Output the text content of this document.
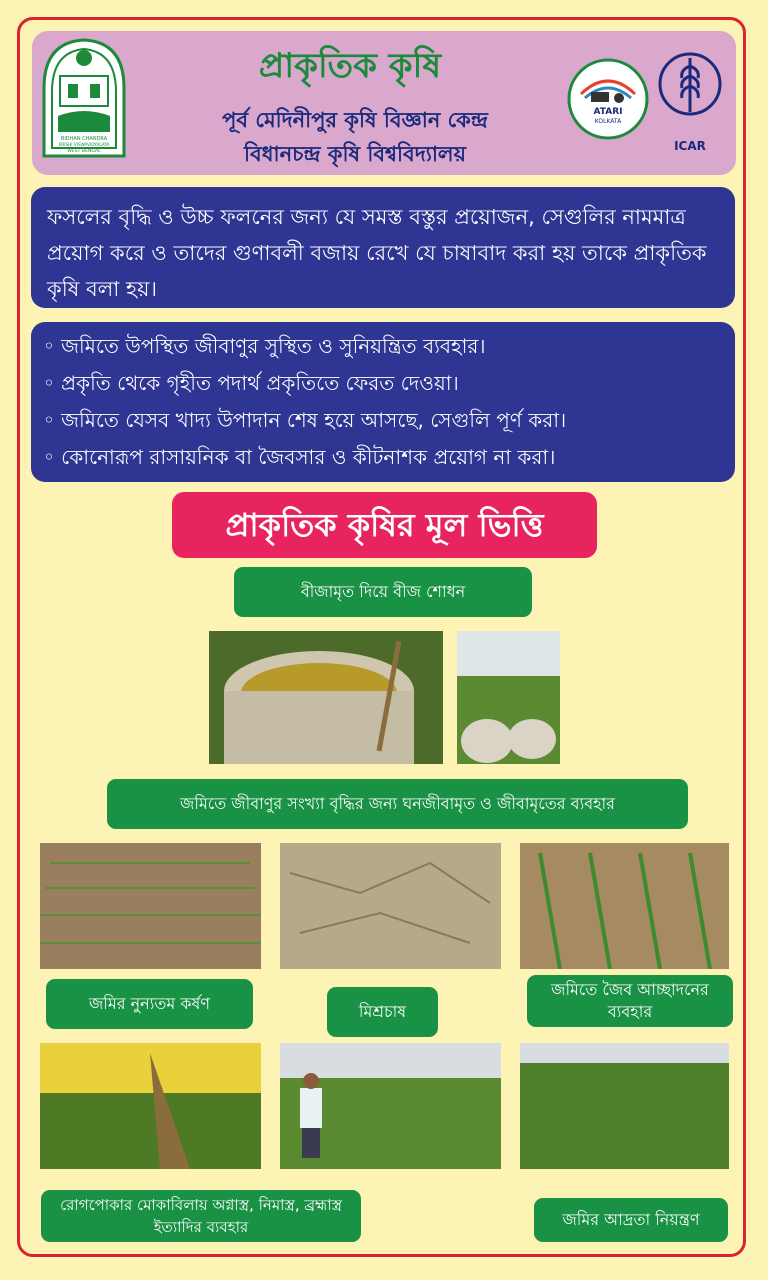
BIDHAN CHANDRA
KRISHI VISWAVIDYALAYA
WEST BENGAL
ATARI
KOLKATA
ICAR
প্রাকৃতিক কৃষি
পূর্ব মেদিনীপুর কৃষি বিজ্ঞান কেন্দ্র
বিধানচন্দ্র কৃষি বিশ্ববিদ্যালয়
ফসলের বৃদ্ধি ও উচ্চ ফলনের জন্য যে সমস্ত বস্তুর প্রয়োজন, সেগুলির নামমাত্র প্রয়োগ করে ও তাদের গুণাবলী বজায় রেখে যে চাষাবাদ করা হয় তাকে প্রাকৃতিক কৃষি বলা হয়।
◦ জমিতে উপস্থিত জীবাণুর সুস্থিত ও সুনিয়ন্ত্রিত ব্যবহার।
◦ প্রকৃতি থেকে গৃহীত পদার্থ প্রকৃতিতে ফেরত দেওয়া।
◦ জমিতে যেসব খাদ্য উপাদান শেষ হয়ে আসছে, সেগুলি পূর্ণ করা।
◦ কোনোরূপ রাসায়নিক বা জৈবসার ও কীটনাশক প্রয়োগ না করা।
প্রাকৃতিক কৃষির মূল ভিত্তি
বীজামৃত দিয়ে বীজ শোধন
জমিতে জীবাণুর সংখ্যা বৃদ্ধির জন্য ঘনজীবামৃত ও জীবামৃতের ব্যবহার
জমির নুন্যতম কর্ষণ	মিশ্রচাষ
জমিতে জৈব আচ্ছাদনের ব্যবহার
রোগপোকার মোকাবিলায় অগ্নাস্ত্র, নিমাস্ত্র, ব্রহ্মাস্ত্র ইত্যাদির ব্যবহার	জমির আদ্রতা নিয়ন্ত্রণ
